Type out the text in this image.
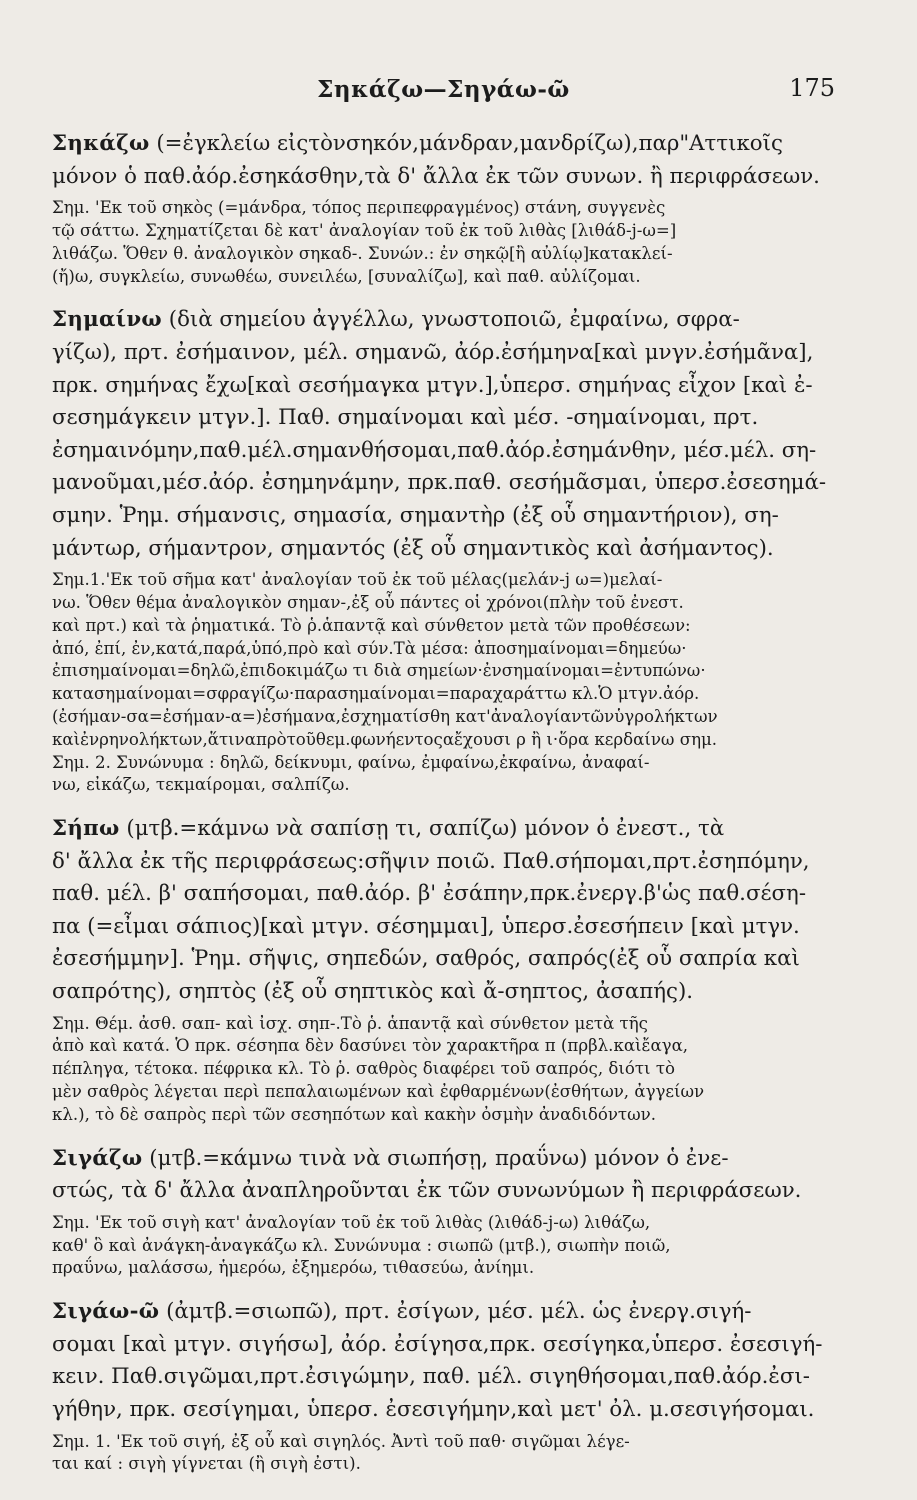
Σηκάζω—Σηγάω-ῶ	175

Σηκάζω (=ἐγκλείω εἰςτὸνσηκόν,μάνδραν,μανδρίζω),παρ"Αττικοῖς

μόνον ὁ παθ.ἀόρ.ἐσηκάσθην,τὰ δ' ἄλλα ἐκ τῶν συνων. ἢ περιφράσεων.

Σημ. 'Εκ τοῦ σηκὸς (=μάνδρα, τόπος περιπεφραγμένος) στάνη, συγγενὲς

τῷ σάττω. Σχηματίζεται δὲ κατ' ἀναλογίαν τοῦ ἐκ τοῦ λιθὰς [λιθάδ-j-ω=]

λιθάζω. Ὅθεν θ. ἀναλογικὸν σηκαδ-. Συνών.: ἐν σηκῷ[ἢ αὐλίῳ]κατακλεί-

(ἤ)ω, συγκλείω, συνωθέω, συνειλέω, [συναλίζω], καὶ παθ. αὐλίζομαι.

Σημαίνω (διὰ σημείου ἀγγέλλω, γνωστοποιῶ, ἐμφαίνω, σφρα-

γίζω), πρτ. ἐσήμαινον, μέλ. σημανῶ, ἀόρ.ἐσήμηνα[καὶ μνγν.ἐσήμᾶνα],

πρκ. σημήνας ἔχω[καὶ σεσήμαγκα μτγν.],ὑπερσ. σημήνας εἶχον [καὶ ἐ-

σεσημάγκειν μτγν.]. Παθ. σημαίνομαι καὶ μέσ. -σημαίνομαι, πρτ.

ἐσημαινόμην,παθ.μέλ.σημανθήσομαι,παθ.ἀόρ.ἐσημάνθην, μέσ.μέλ. ση-

μανοῦμαι,μέσ.ἀόρ. ἐσημηνάμην, πρκ.παθ. σεσήμᾶσμαι, ὑπερσ.ἐσεσημά-

σμην. Ῥημ. σήμανσις, σημασία, σημαντὴρ (ἐξ οὗ σημαντήριον), ση-

μάντωρ, σήμαντρον, σημαντός (ἐξ οὗ σημαντικὸς καὶ ἀσήμαντος).

Σημ.1.'Εκ τοῦ σῆμα κατ' ἀναλογίαν τοῦ ἐκ τοῦ μέλας(μελάν-j ω=)μελαί-

νω. Ὅθεν θέμα ἀναλογικὸν σημαν-,ἐξ οὗ πάντες οἱ χρόνοι(πλὴν τοῦ ἐνεστ.

καὶ πρτ.) καὶ τὰ ῥηματικά. Τὸ ῥ.ἁπαντᾷ καὶ σύνθετον μετὰ τῶν προθέσεων:

ἀπό, ἐπί, ἐν,κατά,παρά,ὑπό,πρὸ καὶ σύν.Τὰ μέσα: ἀποσημαίνομαι=δημεύω·

ἐπισημαίνομαι=δηλῶ,ἐπιδοκιμάζω τι διὰ σημείων·ἐνσημαίνομαι=ἐντυπώνω·

κατασημαίνομαι=σφραγίζω·παρασημαίνομαι=παραχαράττω κλ.Ὁ μτγν.ἀόρ.

(ἐσήμαν-σα=ἐσήμαν-α=)ἐσήμανα,ἐσχηματίσθη κατ'ἀναλογίαντῶνὑγρολήκτων

καὶἐνρηνολήκτων,ἅτιναπρὸτοῦθεμ.φωνήεντοςαἔχουσι ρ ἢ ι·ὅρα κερδαίνω σημ.

Σημ. 2. Συνώνυμα : δηλῶ, δείκνυμι, φαίνω, ἐμφαίνω,ἐκφαίνω, ἀναφαί-

νω, εἰκάζω, τεκμαίρομαι, σαλπίζω.

Σήπω (μτβ.=κάμνω νὰ σαπίσῃ τι, σαπίζω) μόνον ὁ ἐνεστ., τὰ

δ' ἄλλα ἐκ τῆς περιφράσεως:σῆψιν ποιῶ. Παθ.σήπομαι,πρτ.ἐσηπόμην,

παθ. μέλ. β' σαπήσομαι, παθ.ἀόρ. β' ἐσάπην,πρκ.ἐνεργ.β'ὡς παθ.σέση-

πα (=εἶμαι σάπιος)[καὶ μτγν. σέσημμαι], ὑπερσ.ἐσεσήπειν [καὶ μτγν.

ἐσεσήμμην]. Ῥημ. σῆψις, σηπεδών, σαθρός, σαπρός(ἐξ οὗ σαπρία καὶ

σαπρότης), σηπτὸς (ἐξ οὗ σηπτικὸς καὶ ἄ-σηπτος, ἀσαπής).

Σημ. Θέμ. ἀσθ. σαπ- καὶ ἰσχ. σηπ-.Τὸ ῥ. ἁπαντᾷ καὶ σύνθετον μετὰ τῆς

ἀπὸ καὶ κατά. Ὁ πρκ. σέσηπα δὲν δασύνει τὸν χαρακτῆρα π (πρβλ.καὶἔαγα,

πέπληγα, τέτοκα. πέφρικα κλ. Τὸ ῥ. σαθρὸς διαφέρει τοῦ σαπρός, διότι τὸ

μὲν σαθρὸς λέγεται περὶ πεπαλαιωμένων καὶ ἐφθαρμένων(ἐσθήτων, ἀγγείων

κλ.), τὸ δὲ σαπρὸς περὶ τῶν σεσηπότων καὶ κακὴν ὀσμὴν ἀναδιδόντων.

Σιγάζω (μτβ.=κάμνω τινὰ νὰ σιωπήσῃ, πραΰνω) μόνον ὁ ἐνε-

στώς, τὰ δ' ἄλλα ἀναπληροῦνται ἐκ τῶν συνωνύμων ἢ περιφράσεων.

Σημ. 'Εκ τοῦ σιγὴ κατ' ἀναλογίαν τοῦ ἐκ τοῦ λιθὰς (λιθάδ-j-ω) λιθάζω,

καθ' ὃ καὶ ἀνάγκη-ἀναγκάζω κλ. Συνώνυμα : σιωπῶ (μτβ.), σιωπὴν ποιῶ,

πραΰνω, μαλάσσω, ἡμερόω, ἐξημερόω, τιθασεύω, ἀνίημι.

Σιγάω-ῶ (ἀμτβ.=σιωπῶ), πρτ. ἐσίγων, μέσ. μέλ. ὡς ἐνεργ.σιγή-

σομαι [καὶ μτγν. σιγήσω], ἀόρ. ἐσίγησα,πρκ. σεσίγηκα,ὑπερσ. ἐσεσιγή-

κειν. Παθ.σιγῶμαι,πρτ.ἐσιγώμην, παθ. μέλ. σιγηθήσομαι,παθ.ἀόρ.ἐσι-

γήθην, πρκ. σεσίγημαι, ὑπερσ. ἐσεσιγήμην,καὶ μετ' ὀλ. μ.σεσιγήσομαι.

Σημ. 1. 'Εκ τοῦ σιγή, ἐξ οὗ καὶ σιγηλός. Ἀντὶ τοῦ παθ· σιγῶμαι λέγε-

ται καί : σιγὴ γίγνεται (ἢ σιγὴ ἐστι).
